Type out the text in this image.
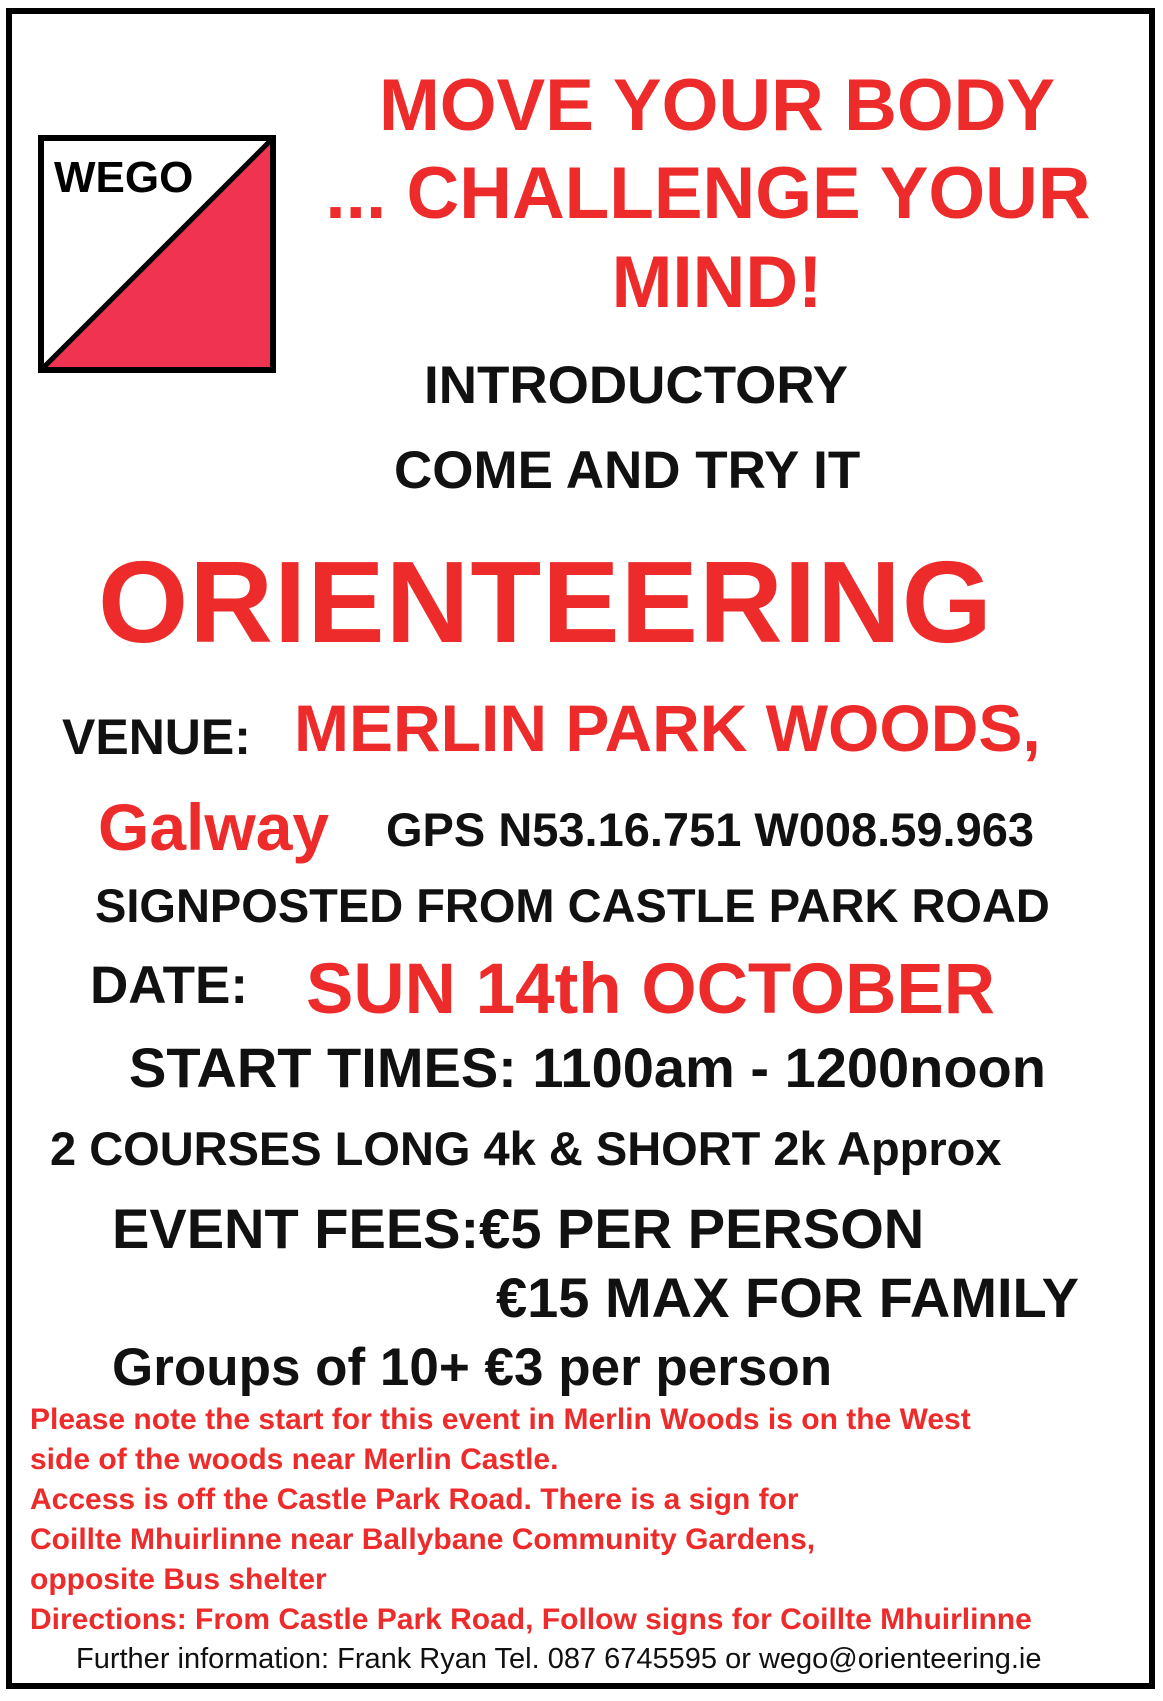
WEGO
MOVE YOUR BODY
... CHALLENGE YOUR
MIND!
INTRODUCTORY
COME AND TRY IT
ORIENTEERING
VENUE: MERLIN PARK WOODS,
Galway GPS N53.16.751 W008.59.963
SIGNPOSTED FROM CASTLE PARK ROAD
DATE: SUN 14th OCTOBER
START TIMES: 1100am - 1200noon
2 COURSES LONG 4k & SHORT 2k Approx
EVENT FEES:€5 PER PERSON
€15 MAX FOR FAMILY
Groups of 10+ €3 per person
Please note the start for this event in Merlin Woods is on the West
side of the woods near Merlin Castle.
Access is off the Castle Park Road. There is a sign for
Coillte Mhuirlinne near Ballybane Community Gardens,
opposite Bus shelter
Directions: From Castle Park Road, Follow signs for Coillte Mhuirlinne
Further information: Frank Ryan Tel. 087 6745595 or wego@orienteering.ie
